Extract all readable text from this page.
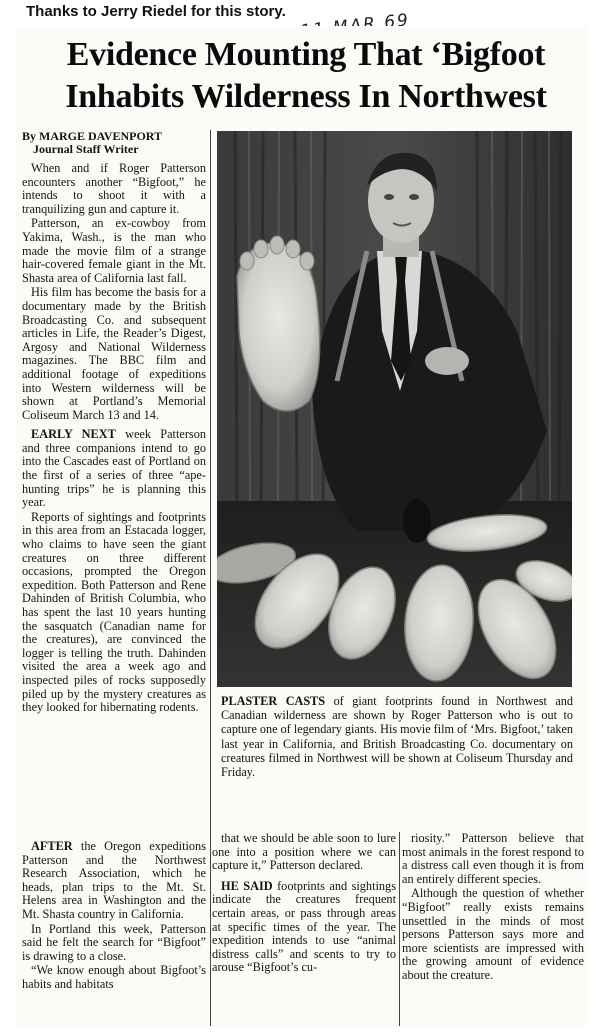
Thanks to Jerry Riedel for this story.
Evidence Mounting That ‘Bigfoot
Inhabits Wilderness In Northwest
By MARGE DAVENPORT
Journal Staff Writer

When and if Roger Patterson encounters another “Bigfoot,” he intends to shoot it with a tranquilizing gun and capture it.

Patterson, an ex-cowboy from Yakima, Wash., is the man who made the movie film of a strange hair-covered female giant in the Mt. Shasta area of California last fall.

His film has become the basis for a documentary made by the British Broadcasting Co. and subsequent articles in Life, the Reader’s Digest, Argosy and National Wilderness magazines. The BBC film and additional footage of expeditions into Western wilderness will be shown at Portland’s Memorial Coliseum March 13 and 14.

EARLY NEXT week Patterson and three companions intend to go into the Cascades east of Portland on the first of a series of three “ape-hunting trips” he is planning this year.

Reports of sightings and footprints in this area from an Estacada logger, who claims to have seen the giant creatures on three different occasions, prompted the Oregon expedition. Both Patterson and Rene Dahinden of British Columbia, who has spent the last 10 years hunting the sasquatch (Canadian name for the creatures), are convinced the logger is telling the truth. Dahinden visited the area a week ago and inspected piles of rocks supposedly piled up by the mystery creatures as they looked for hibernating rodents.

AFTER the Oregon expeditions Patterson and the Northwest Research Association, which he heads, plan trips to the Mt. St. Helens area in Washington and the Mt. Shasta country in California.

In Portland this week, Patterson said he felt the search for “Bigfoot” is drawing to a close.

“We know enough about Bigfoot’s habits and habitats

PLASTER CASTS of giant footprints found in Northwest and Canadian wilderness are shown by Roger Patterson who is out to capture one of legendary giants. His movie film of ‘Mrs. Bigfoot,’ taken last year in California, and British Broadcasting Co. documentary on creatures filmed in Northwest will be shown at Coliseum Thursday and Friday.

that we should be able soon to lure one into a position where we can capture it,” Patterson declared.

HE SAID footprints and sightings indicate the creatures frequent certain areas, or pass through areas at specific times of the year. The expedition intends to use “animal distress calls” and scents to try to arouse “Bigfoot’s cu-

riosity.” Patterson believe that most animals in the forest respond to a distress call even though it is from an entirely different species.

Although the question of whether “Bigfoot” really exists remains unsettled in the minds of most persons Patterson says more and more scientists are impressed with the growing amount of evidence about the creature.
